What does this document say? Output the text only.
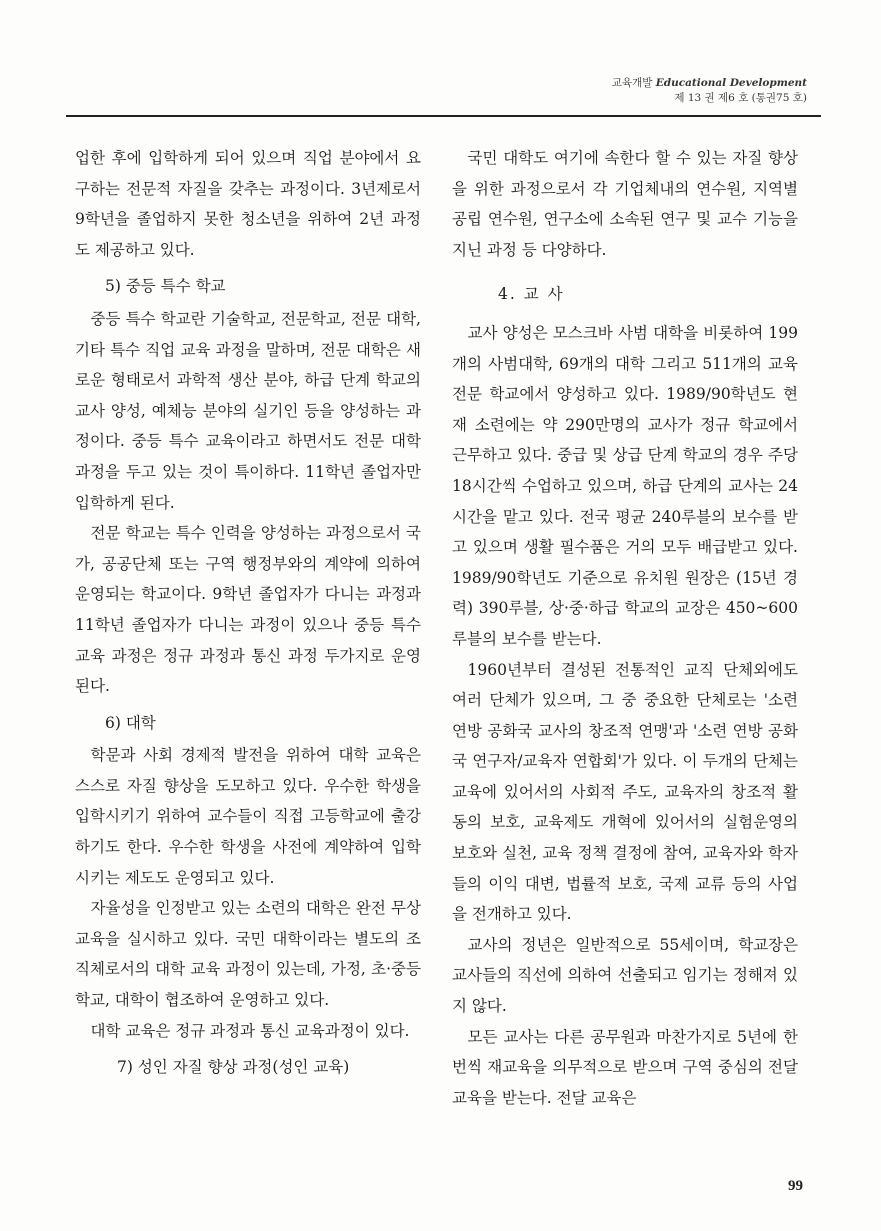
교육개발 Educational Development
제 13 권 제6 호 (통권75 호)

업한 후에 입학하게 되어 있으며 직업 분야에서 요구하는 전문적 자질을 갖추는 과정이다. 3년제로서 9학년을 졸업하지 못한 청소년을 위하여 2년 과정도 제공하고 있다.

5) 중등 특수 학교

중등 특수 학교란 기술학교, 전문학교, 전문 대학, 기타 특수 직업 교육 과정을 말하며, 전문 대학은 새로운 형태로서 과학적 생산 분야, 하급 단계 학교의 교사 양성, 예체능 분야의 실기인 등을 양성하는 과정이다. 중등 특수 교육이라고 하면서도 전문 대학 과정을 두고 있는 것이 특이하다. 11학년 졸업자만 입학하게 된다.

전문 학교는 특수 인력을 양성하는 과정으로서 국가, 공공단체 또는 구역 행정부와의 계약에 의하여 운영되는 학교이다. 9학년 졸업자가 다니는 과정과 11학년 졸업자가 다니는 과정이 있으나 중등 특수 교육 과정은 정규 과정과 통신 과정 두가지로 운영된다.

6) 대학

학문과 사회 경제적 발전을 위하여 대학 교육은 스스로 자질 향상을 도모하고 있다. 우수한 학생을 입학시키기 위하여 교수들이 직접 고등학교에 출강하기도 한다. 우수한 학생을 사전에 계약하여 입학시키는 제도도 운영되고 있다.

자율성을 인정받고 있는 소련의 대학은 완전 무상 교육을 실시하고 있다. 국민 대학이라는 별도의 조직체로서의 대학 교육 과정이 있는데, 가정, 초·중등학교, 대학이 협조하여 운영하고 있다.

대학 교육은 정규 과정과 통신 교육과정이 있다.

7) 성인 자질 향상 과정(성인 교육)

국민 대학도 여기에 속한다 할 수 있는 자질 향상을 위한 과정으로서 각 기업체내의 연수원, 지역별 공립 연수원, 연구소에 소속된 연구 및 교수 기능을 지닌 과정 등 다양하다.

4. 교 사

교사 양성은 모스크바 사범 대학을 비롯하여 199개의 사범대학, 69개의 대학 그리고 511개의 교육 전문 학교에서 양성하고 있다. 1989/90학년도 현재 소련에는 약 290만명의 교사가 정규 학교에서 근무하고 있다. 중급 및 상급 단계 학교의 경우 주당 18시간씩 수업하고 있으며, 하급 단계의 교사는 24시간을 맡고 있다. 전국 평균 240루블의 보수를 받고 있으며 생활 필수품은 거의 모두 배급받고 있다. 1989/90학년도 기준으로 유치원 원장은 (15년 경력) 390루블, 상·중·하급 학교의 교장은 450~600루블의 보수를 받는다.

1960년부터 결성된 전통적인 교직 단체외에도 여러 단체가 있으며, 그 중 중요한 단체로는 '소련 연방 공화국 교사의 창조적 연맹'과 '소련 연방 공화국 연구자/교육자 연합회'가 있다. 이 두개의 단체는 교육에 있어서의 사회적 주도, 교육자의 창조적 활동의 보호, 교육제도 개혁에 있어서의 실험운영의 보호와 실천, 교육 정책 결정에 참여, 교육자와 학자들의 이익 대변, 법률적 보호, 국제 교류 등의 사업을 전개하고 있다.

교사의 정년은 일반적으로 55세이며, 학교장은 교사들의 직선에 의하여 선출되고 임기는 정해져 있지 않다.

모든 교사는 다른 공무원과 마찬가지로 5년에 한번씩 재교육을 의무적으로 받으며 구역 중심의 전달 교육을 받는다. 전달 교육은

99
